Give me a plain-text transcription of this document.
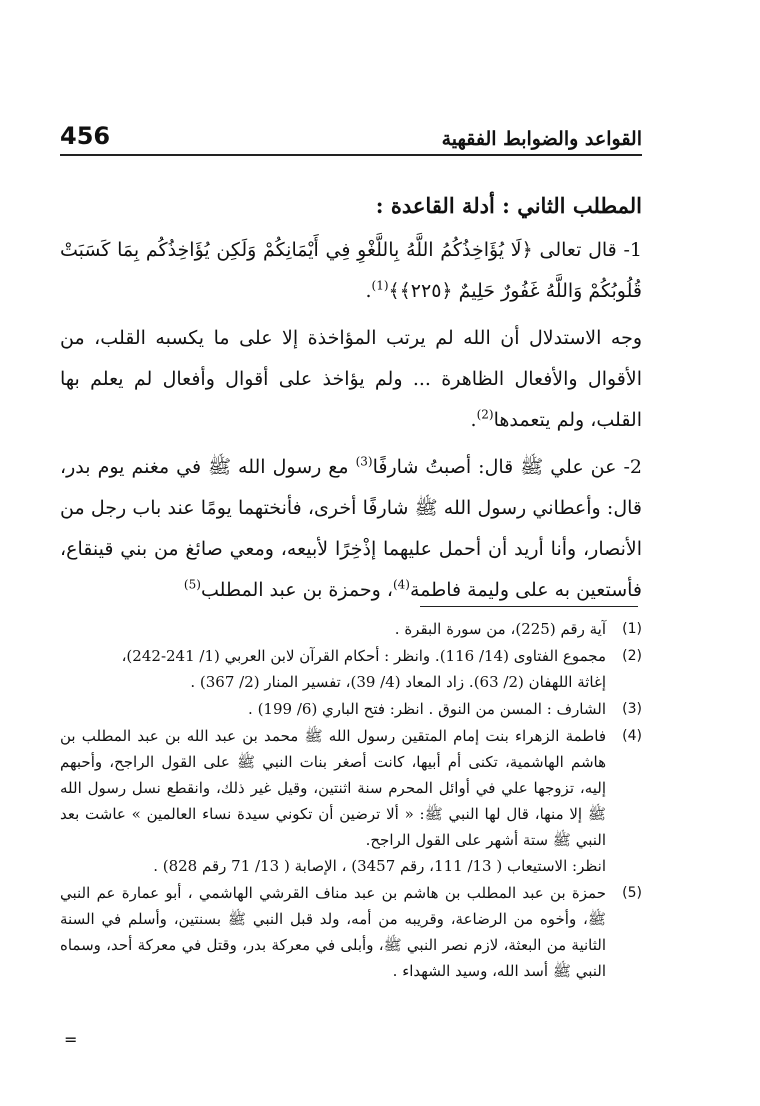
456	القواعد والضوابط الفقهية
المطلب الثاني : أدلة القاعدة :

1- قال تعالى ﴿لَا يُؤَاخِذُكُمُ اللَّهُ بِاللَّغْوِ فِي أَيْمَانِكُمْ وَلَكِن يُؤَاخِذُكُم بِمَا كَسَبَتْ قُلُوبُكُمْ وَاللَّهُ غَفُورٌ حَلِيمٌ ﴿٢٢٥﴾﴾$^{(1)}$.

وجه الاستدلال أن الله لم يرتب المؤاخذة إلا على ما يكسبه القلب، من الأقوال والأفعال الظاهرة ... ولم يؤاخذ على أقوال وأفعال لم يعلم بها القلب، ولم يتعمدها$^{(2)}$.

2- عن علي ﷺ قال: أصبتُ شارفًا$^{(3)}$ مع رسول الله ﷺ في مغنم يوم بدر، قال: وأعطاني رسول الله ﷺ شارفًا أخرى، فأنختهما يومًا عند باب رجل من الأنصار، وأنا أريد أن أحمل عليهما إذْخِرًا لأبيعه، ومعي صائغ من بني قينقاع، فأستعين به على وليمة فاطمة$^{(4)}$، وحمزة بن عبد المطلب$^{(5)}$

(1)
آية رقم (225)، من سورة البقرة .
(2)
مجموع الفتاوى (14/ 116). وانظر : أحكام القرآن لابن العربي (1/ 241-242)،
إغاثة اللهفان (2/ 63). زاد المعاد (4/ 39)، تفسير المنار (2/ 367) .
(3)
الشارف : المسن من النوق . انظر: فتح الباري (6/ 199) .
(4)
فاطمة الزهراء بنت إمام المتقين رسول الله ﷺ محمد بن عبد الله بن عبد المطلب بن هاشم الهاشمية، تكنى أم أبيها، كانت أصغر بنات النبي ﷺ على القول الراجح، وأحبهم إليه، تزوجها علي في أوائل المحرم سنة اثنتين، وقيل غير ذلك، وانقطع نسل رسول الله ﷺ إلا منها، قال لها النبي ﷺ: « ألا ترضين أن تكوني سيدة نساء العالمين » عاشت بعد النبي ﷺ ستة أشهر على القول الراجح.
انظر: الاستيعاب ( 13/ 111، رقم 3457) ، الإصابة ( 13/ 71 رقم 828) .
(5)
حمزة بن عبد المطلب بن هاشم بن عبد مناف القرشي الهاشمي ، أبو عمارة عم النبي ﷺ، وأخوه من الرضاعة، وقريبه من أمه، ولد قبل النبي ﷺ بسنتين، وأسلم في السنة الثانية من البعثة، لازم نصر النبي ﷺ، وأبلى في معركة بدر، وقتل في معركة أحد، وسماه النبي ﷺ أسد الله، وسيد الشهداء .
=
